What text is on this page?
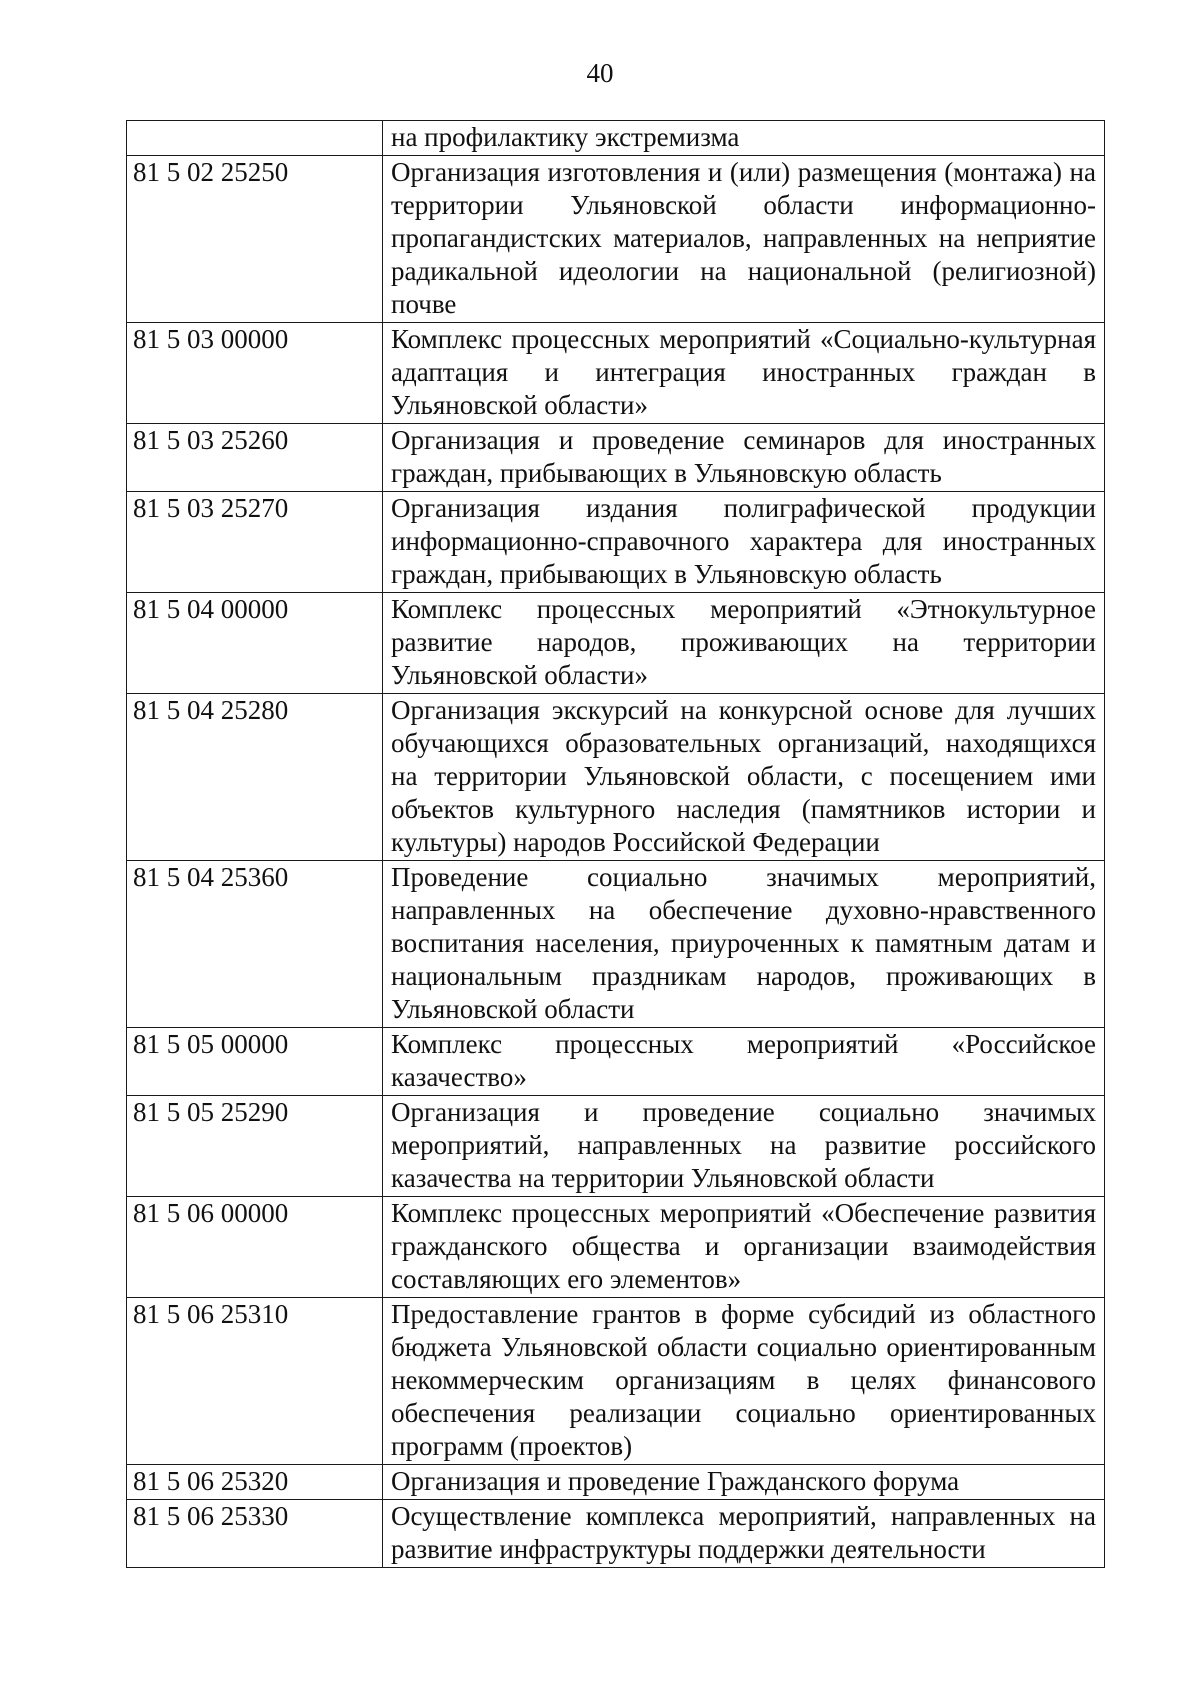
40
	на профилактику экстремизма
81 5 02 25250	Организация изготовления и (или) размещения (монтажа) на территории Ульяновской области информационно-пропагандистских материалов, направленных на неприятие радикальной идеологии на национальной (религиозной) почве
81 5 03 00000	Комплекс процессных мероприятий «Социально-культурная адаптация и интеграция иностранных граждан в Ульяновской области»
81 5 03 25260	Организация и проведение семинаров для иностранных граждан, прибывающих в Ульяновскую область
81 5 03 25270	Организация издания полиграфической продукции информационно-справочного характера для иностранных граждан, прибывающих в Ульяновскую область
81 5 04 00000	Комплекс процессных мероприятий «Этнокультурное развитие народов, проживающих на территории Ульяновской области»
81 5 04 25280	Организация экскурсий на конкурсной основе для лучших обучающихся образовательных организаций, находящихся на территории Ульяновской области, с посещением ими объектов культурного наследия (памятников истории и культуры) народов Российской Федерации
81 5 04 25360	Проведение социально значимых мероприятий, направленных на обеспечение духовно-нравственного воспитания населения, приуроченных к памятным датам и национальным праздникам народов, проживающих в Ульяновской области
81 5 05 00000	Комплекс процессных мероприятий «Российское казачество»
81 5 05 25290	Организация и проведение социально значимых мероприятий, направленных на развитие российского казачества на территории Ульяновской области
81 5 06 00000	Комплекс процессных мероприятий «Обеспечение развития гражданского общества и организации взаимодействия составляющих его элементов»
81 5 06 25310	Предоставление грантов в форме субсидий из областного бюджета Ульяновской области социально ориентированным некоммерческим организациям в целях финансового обеспечения реализации социально ориентированных программ (проектов)
81 5 06 25320	Организация и проведение Гражданского форума
81 5 06 25330	Осуществление комплекса мероприятий, направленных на развитие инфраструктуры поддержки деятельности
